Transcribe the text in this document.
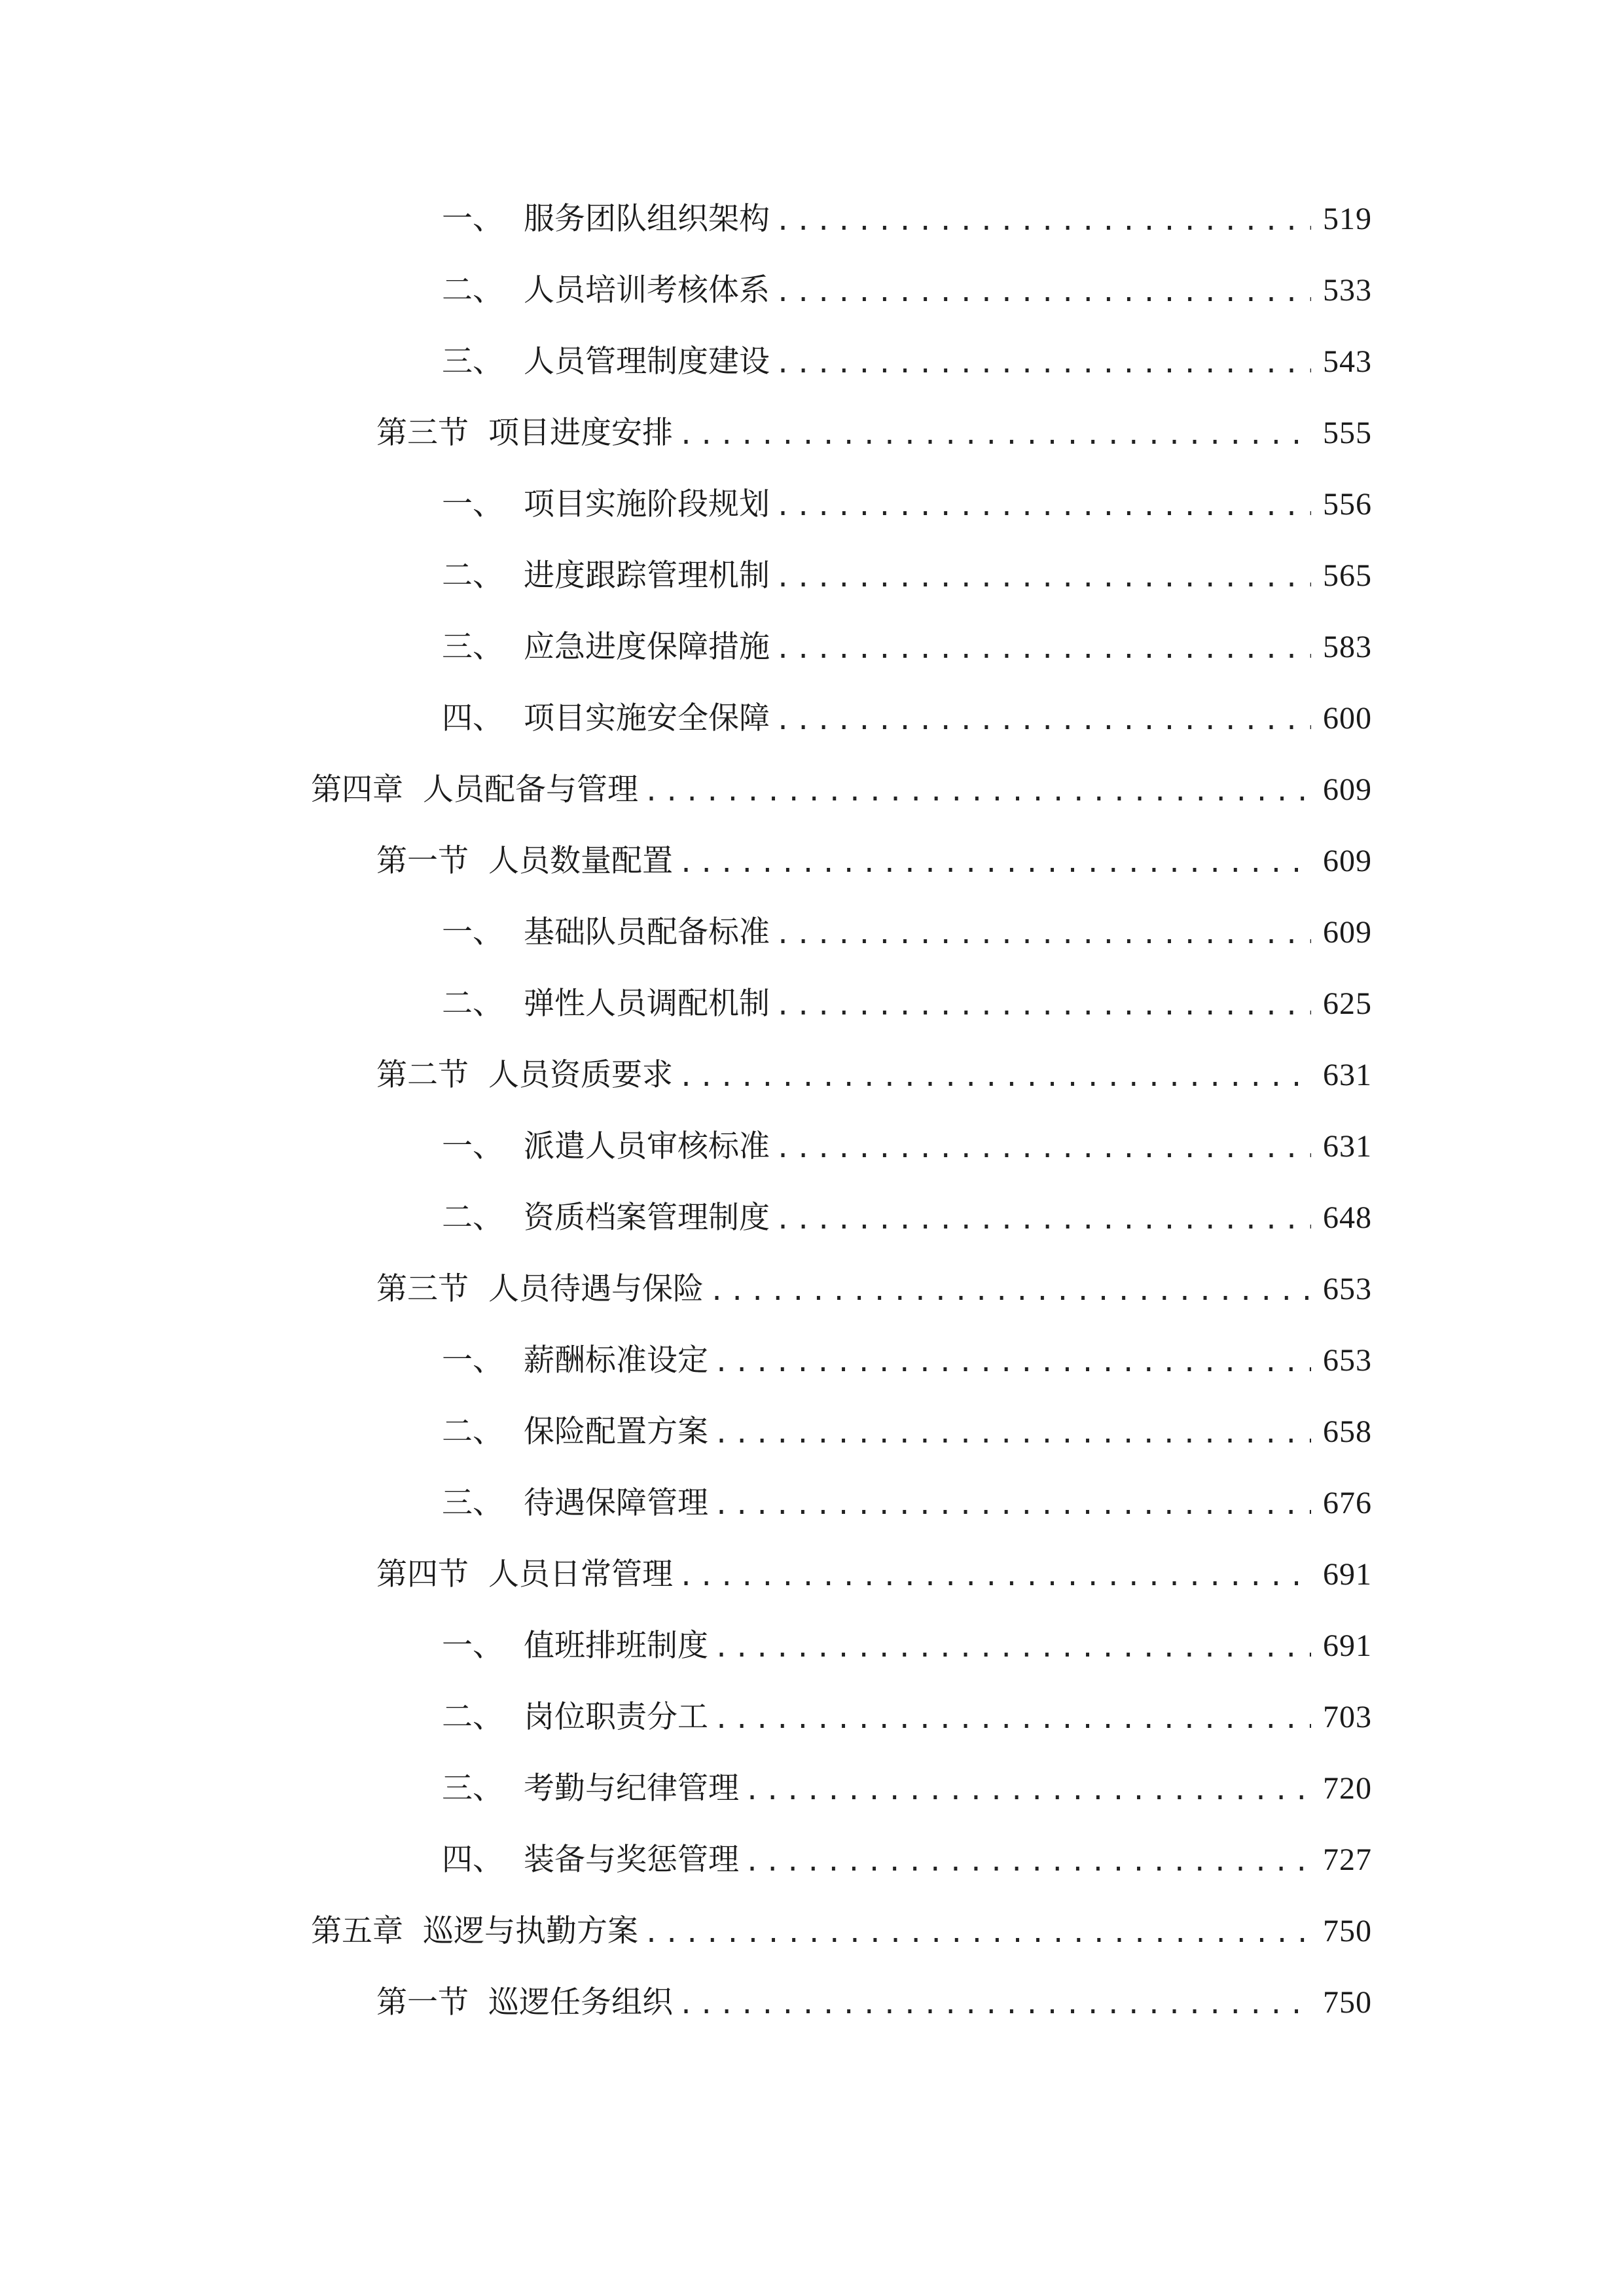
一、 服务团队组织架构 .....	519
二、 人员培训考核体系 .....	533
三、 人员管理制度建设 .....	543
第三节 项目进度安排 .....	555
一、 项目实施阶段规划 .....	556
二、 进度跟踪管理机制 .....	565
三、 应急进度保障措施 .....	583
四、 项目实施安全保障 .....	600
第四章 人员配备与管理 .....	609
第一节 人员数量配置 .....	609
一、 基础队员配备标准 .....	609
二、 弹性人员调配机制 .....	625
第二节 人员资质要求 .....	631
一、 派遣人员审核标准 .....	631
二、 资质档案管理制度 .....	648
第三节 人员待遇与保险 .....	653
一、 薪酬标准设定 .....	653
二、 保险配置方案 .....	658
三、 待遇保障管理 .....	676
第四节 人员日常管理 .....	691
一、 值班排班制度 .....	691
二、 岗位职责分工 .....	703
三、 考勤与纪律管理 .....	720
四、 装备与奖惩管理 .....	727
第五章 巡逻与执勤方案 .....	750
第一节 巡逻任务组织 .....	750
